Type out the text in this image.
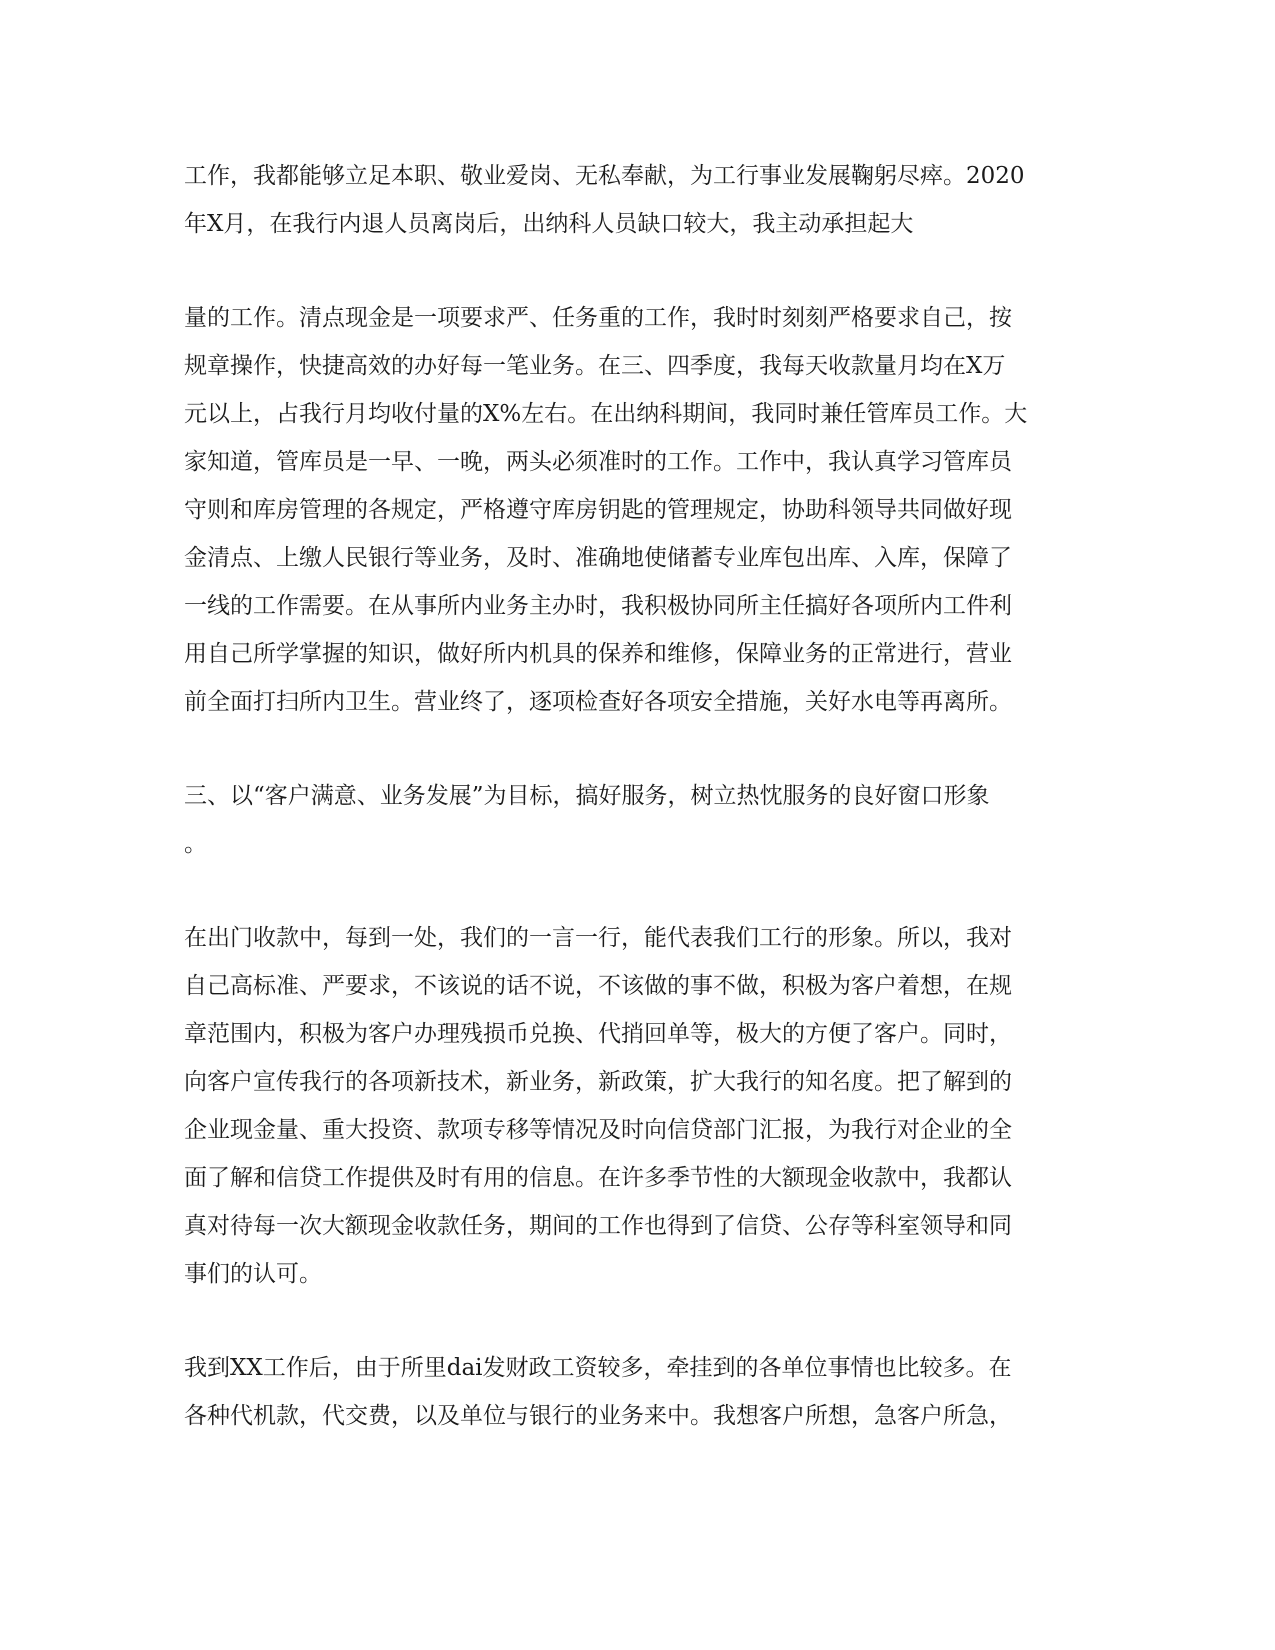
工作，我都能够立足本职、敬业爱岗、无私奉献，为工行事业发展鞠躬尽瘁。2020
年X月，在我行内退人员离岗后，出纳科人员缺口较大，我主动承担起大

量的工作。清点现金是一项要求严、任务重的工作，我时时刻刻严格要求自己，按
规章操作，快捷高效的办好每一笔业务。在三、四季度，我每天收款量月均在X万
元以上，占我行月均收付量的X%左右。在出纳科期间，我同时兼任管库员工作。大
家知道，管库员是一早、一晚，两头必须准时的工作。工作中，我认真学习管库员
守则和库房管理的各规定，严格遵守库房钥匙的管理规定，协助科领导共同做好现
金清点、上缴人民银行等业务，及时、准确地使储蓄专业库包出库、入库，保障了
一线的工作需要。在从事所内业务主办时，我积极协同所主任搞好各项所内工件利
用自己所学掌握的知识，做好所内机具的保养和维修，保障业务的正常进行，营业
前全面打扫所内卫生。营业终了，逐项检查好各项安全措施，关好水电等再离所。

三、以“客户满意、业务发展”为目标，搞好服务，树立热忱服务的良好窗口形象
。

在出门收款中，每到一处，我们的一言一行，能代表我们工行的形象。所以，我对
自己高标准、严要求，不该说的话不说，不该做的事不做，积极为客户着想，在规
章范围内，积极为客户办理残损币兑换、代捎回单等，极大的方便了客户。同时，
向客户宣传我行的各项新技术，新业务，新政策，扩大我行的知名度。把了解到的
企业现金量、重大投资、款项专移等情况及时向信贷部门汇报，为我行对企业的全
面了解和信贷工作提供及时有用的信息。在许多季节性的大额现金收款中，我都认
真对待每一次大额现金收款任务，期间的工作也得到了信贷、公存等科室领导和同
事们的认可。

我到XX工作后，由于所里dai发财政工资较多，牵挂到的各单位事情也比较多。在
各种代机款，代交费，以及单位与银行的业务来中。我想客户所想，急客户所急，
